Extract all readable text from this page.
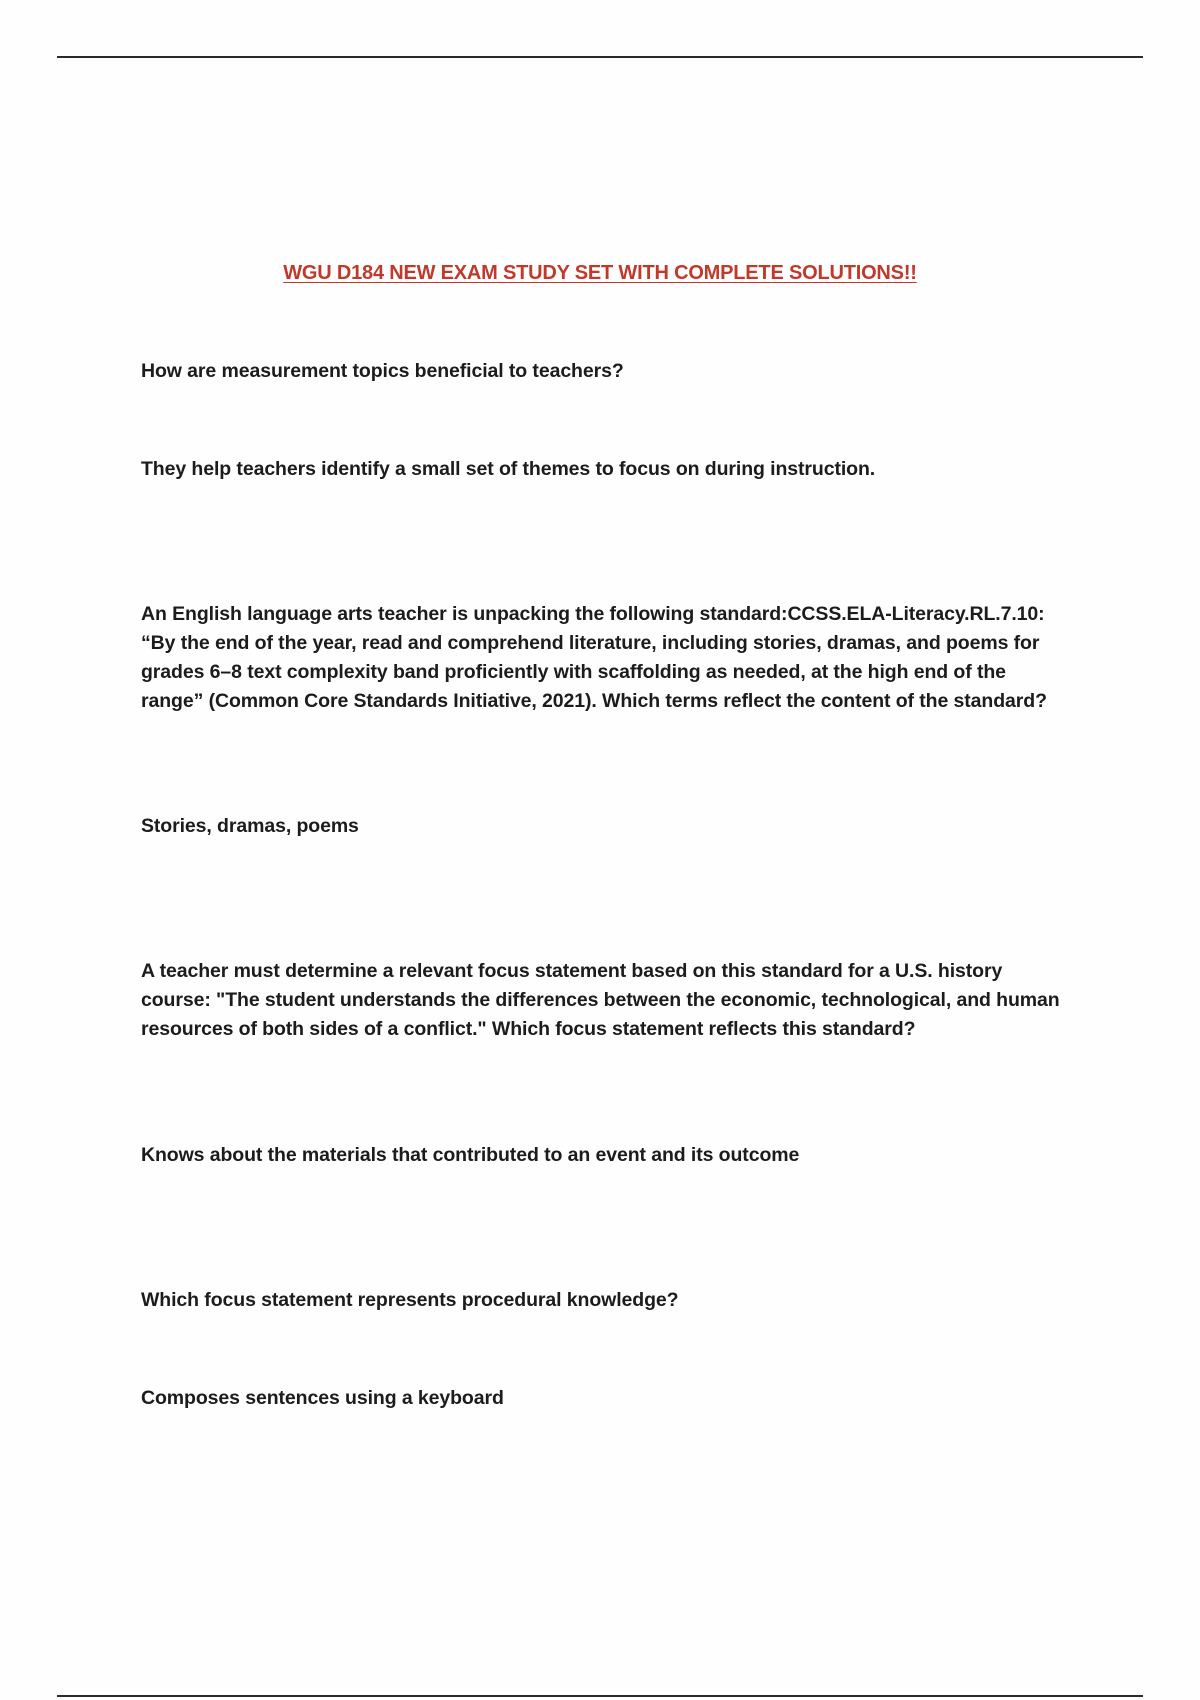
WGU D184 NEW EXAM STUDY SET WITH COMPLETE SOLUTIONS!!
How are measurement topics beneficial to teachers?
They help teachers identify a small set of themes to focus on during instruction.
An English language arts teacher is unpacking the following standard:CCSS.ELA-Literacy.RL.7.10: “By the end of the year, read and comprehend literature, including stories, dramas, and poems for grades 6–8 text complexity band proficiently with scaffolding as needed, at the high end of the range” (Common Core Standards Initiative, 2021). Which terms reflect the content of the standard?
Stories, dramas, poems
A teacher must determine a relevant focus statement based on this standard for a U.S. history course: "The student understands the differences between the economic, technological, and human resources of both sides of a conflict." Which focus statement reflects this standard?
Knows about the materials that contributed to an event and its outcome
Which focus statement represents procedural knowledge?
Composes sentences using a keyboard
